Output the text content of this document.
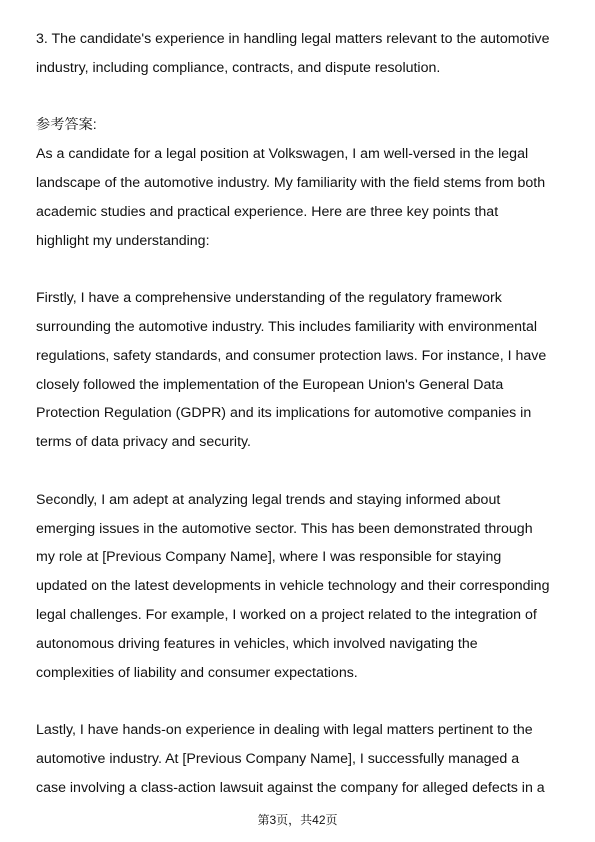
3. The candidate's experience in handling legal matters relevant to the automotive
industry, including compliance, contracts, and dispute resolution.
参考答案:
As a candidate for a legal position at Volkswagen, I am well-versed in the legal
landscape of the automotive industry. My familiarity with the field stems from both
academic studies and practical experience. Here are three key points that
highlight my understanding:
Firstly, I have a comprehensive understanding of the regulatory framework
surrounding the automotive industry. This includes familiarity with environmental
regulations, safety standards, and consumer protection laws. For instance, I have
closely followed the implementation of the European Union's General Data
Protection Regulation (GDPR) and its implications for automotive companies in
terms of data privacy and security.
Secondly, I am adept at analyzing legal trends and staying informed about
emerging issues in the automotive sector. This has been demonstrated through
my role at [Previous Company Name], where I was responsible for staying
updated on the latest developments in vehicle technology and their corresponding
legal challenges. For example, I worked on a project related to the integration of
autonomous driving features in vehicles, which involved navigating the
complexities of liability and consumer expectations.
Lastly, I have hands-on experience in dealing with legal matters pertinent to the
automotive industry. At [Previous Company Name], I successfully managed a
case involving a class-action lawsuit against the company for alleged defects in a
第3页，共42页
